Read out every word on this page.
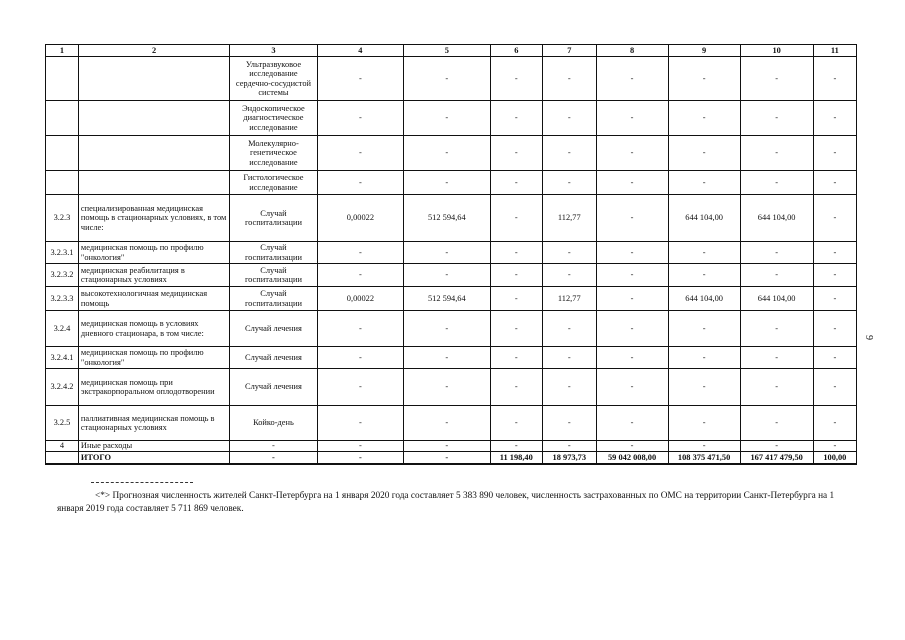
1	2	3	4	5	6	7	8	9	10	11
		Ультразвуковое исследование сердечно-сосудистой системы	-	-	-	-	-	-	-	-
		Эндоскопическое диагностическое исследование	-	-	-	-	-	-	-	-
		Молекулярно-генетическое исследование	-	-	-	-	-	-	-	-
		Гистологическое исследование	-	-	-	-	-	-	-	-
3.2.3	специализированная медицинская помощь в стационарных условиях, в том числе:	Случай госпитализации	0,00022	512 594,64	-	112,77	-	644 104,00	644 104,00	-
3.2.3.1	медицинская помощь по профилю "онкология"	Случай госпитализации	-	-	-	-	-	-	-	-
3.2.3.2	медицинская реабилитация в стационарных условиях	Случай госпитализации	-	-	-	-	-	-	-	-
3.2.3.3	высокотехнологичная медицинская помощь	Случай госпитализации	0,00022	512 594,64	-	112,77	-	644 104,00	644 104,00	-
3.2.4	медицинская помощь в условиях дневного стационара, в том числе:	Случай лечения	-	-	-	-	-	-	-	-
3.2.4.1	медицинская помощь по профилю "онкология"	Случай лечения	-	-	-	-	-	-	-	-
3.2.4.2	медицинская помощь при экстракорпоральном оплодотворении	Случай лечения	-	-	-	-	-	-	-	-
3.2.5	паллиативная медицинская помощь в стационарных условиях	Койко-день	-	-	-	-	-	-	-	-
4	Иные расходы	-	-	-	-	-	-	-	-	-
	ИТОГО	-	-	-	11 198,40	18 973,73	59 042 008,00	108 375 471,50	167 417 479,50	100,00
<*> Прогнозная численность жителей Санкт-Петербурга на 1 января 2020 года составляет 5 383 890 человек, численность застрахованных по ОМС на территории Санкт-Петербурга на 1 января 2019 года составляет 5 711 869 человек.
9
